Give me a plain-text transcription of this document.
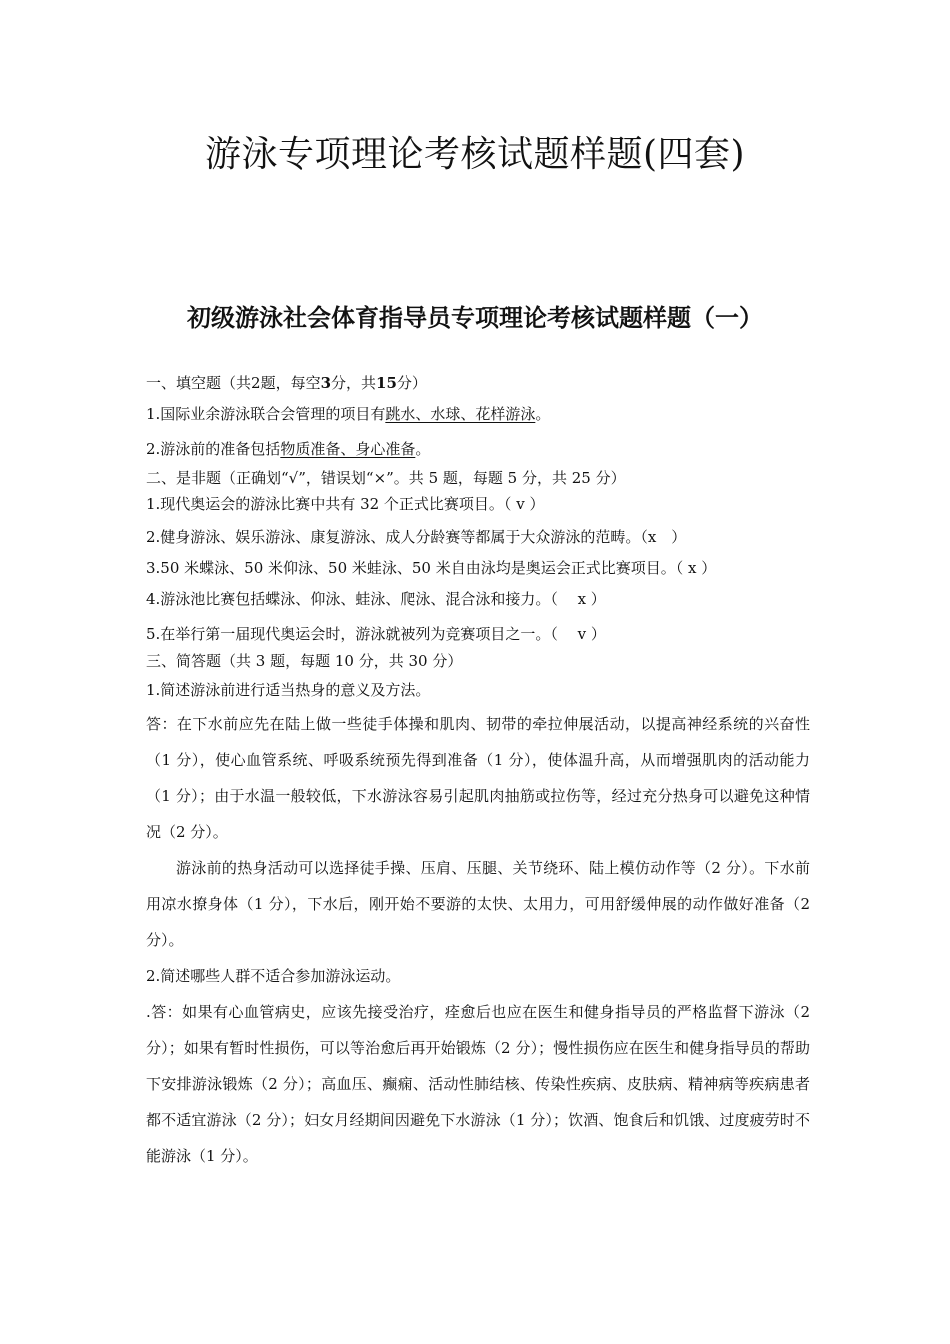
游泳专项理论考核试题样题(四套)
初级游泳社会体育指导员专项理论考核试题样题（一）
一、填空题（共2题，每空3分，共15分）
1.国际业余游泳联合会管理的项目有跳水、水球、花样游泳。
2.游泳前的准备包括物质准备、身心准备。
二、是非题（正确划“√”，错误划“×”。共 5 题，每题 5 分，共 25 分）
1.现代奥运会的游泳比赛中共有 32 个正式比赛项目。（ v ）
2.健身游泳、娱乐游泳、康复游泳、成人分龄赛等都属于大众游泳的范畴。（x　）
3.50 米蝶泳、50 米仰泳、50 米蛙泳、50 米自由泳均是奥运会正式比赛项目。（ x ）
4.游泳池比赛包括蝶泳、仰泳、蛙泳、爬泳、混合泳和接力。（　 x ）
5.在举行第一届现代奥运会时，游泳就被列为竞赛项目之一。（　 v ）
三、简答题（共 3 题，每题 10 分，共 30 分）
1.简述游泳前进行适当热身的意义及方法。

答：在下水前应先在陆上做一些徒手体操和肌肉、韧带的牵拉伸展活动，以提高神经系统的兴奋性（1 分），使心血管系统、呼吸系统预先得到准备（1 分），使体温升高，从而增强肌肉的活动能力（1 分）；由于水温一般较低，下水游泳容易引起肌肉抽筋或拉伤等，经过充分热身可以避免这种情况（2 分）。

游泳前的热身活动可以选择徒手操、压肩、压腿、关节绕环、陆上模仿动作等（2 分）。下水前用凉水撩身体（1 分），下水后，刚开始不要游的太快、太用力，可用舒缓伸展的动作做好准备（2 分）。

2.简述哪些人群不适合参加游泳运动。

.答：如果有心血管病史，应该先接受治疗，痊愈后也应在医生和健身指导员的严格监督下游泳（2 分）；如果有暂时性损伤，可以等治愈后再开始锻炼（2 分）；慢性损伤应在医生和健身指导员的帮助下安排游泳锻炼（2 分）；高血压、癫痫、活动性肺结核、传染性疾病、皮肤病、精神病等疾病患者都不适宜游泳（2 分）；妇女月经期间因避免下水游泳（1 分）；饮酒、饱食后和饥饿、过度疲劳时不能游泳（1 分）。
